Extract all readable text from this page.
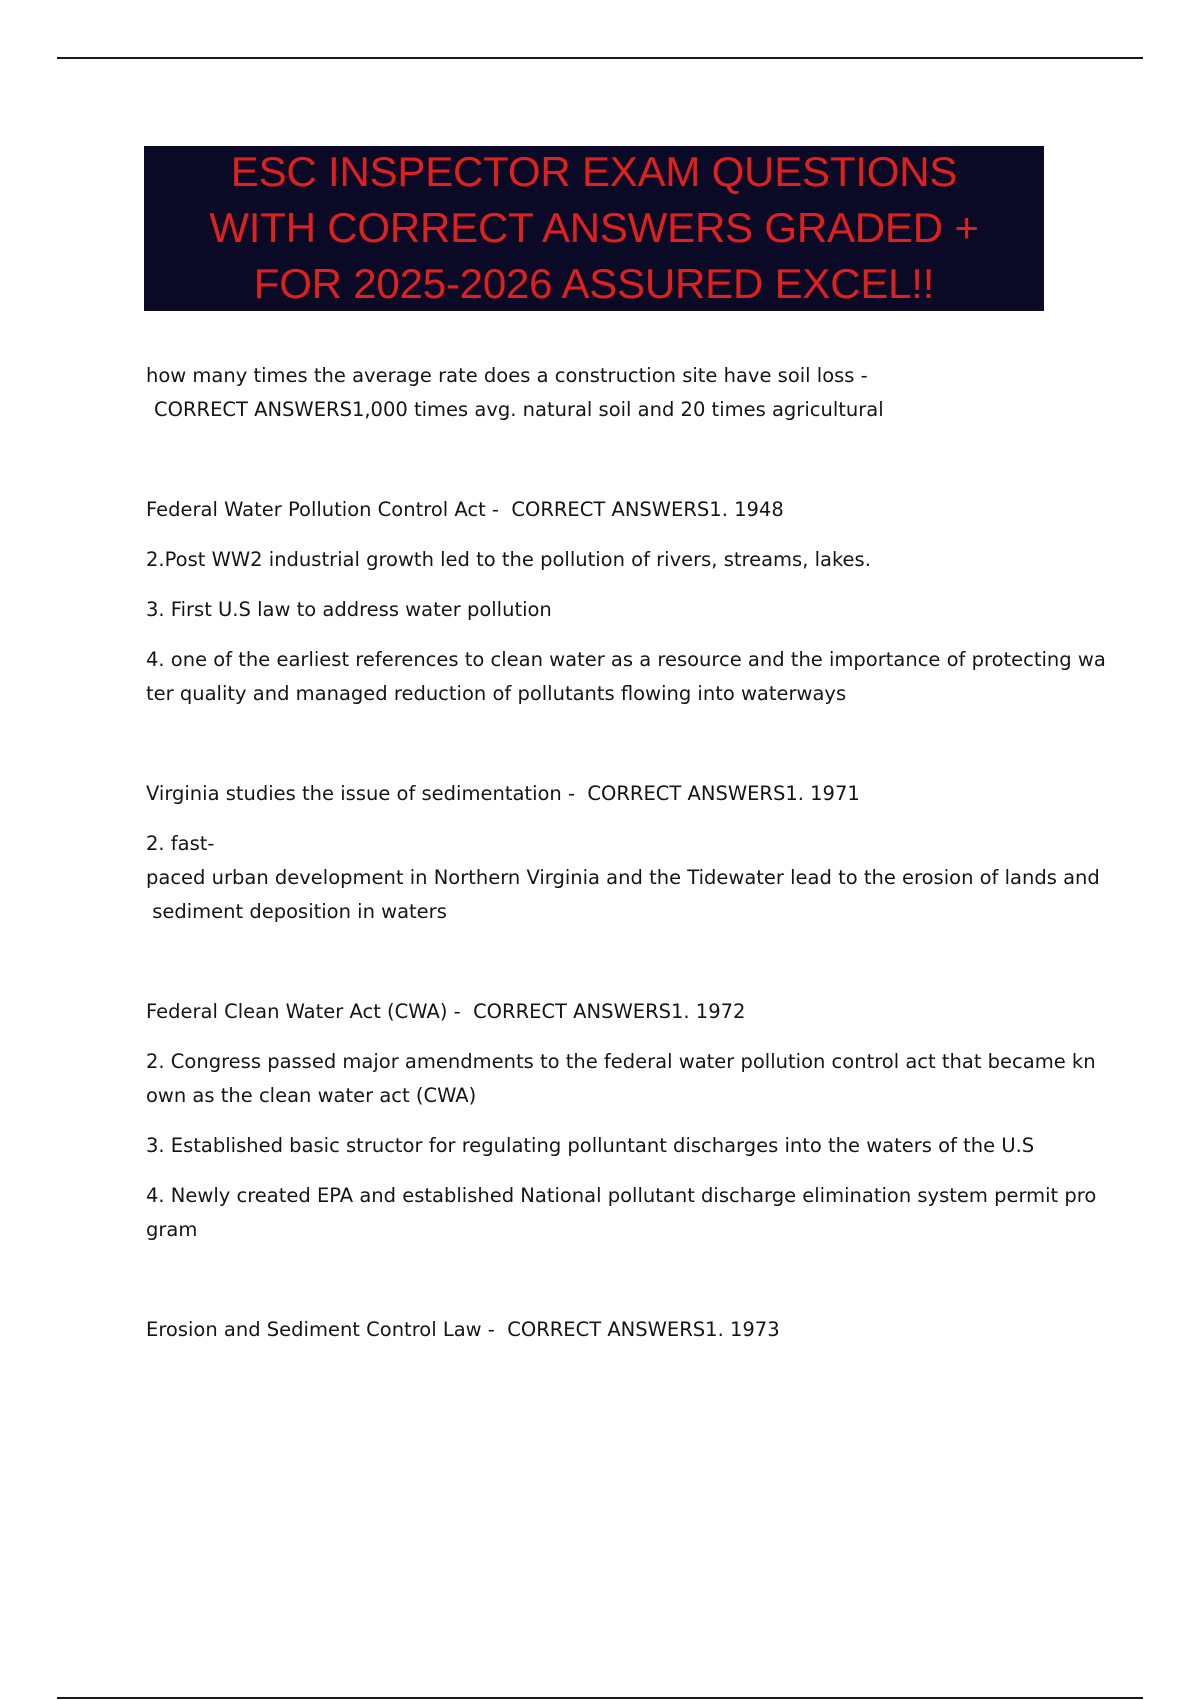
ESC INSPECTOR EXAM QUESTIONS
WITH CORRECT ANSWERS GRADED +
FOR 2025-2026 ASSURED EXCEL!!

how many times the average rate does a construction site have soil loss -

CORRECT ANSWERS1,000 times avg. natural soil and 20 times agricultural

Federal Water Pollution Control Act -  CORRECT ANSWERS1. 1948

2.Post WW2 industrial growth led to the pollution of rivers, streams, lakes.

3. First U.S law to address water pollution

4. one of the earliest references to clean water as a resource and the importance of protecting wa
ter quality and managed reduction of pollutants flowing into waterways

Virginia studies the issue of sedimentation -  CORRECT ANSWERS1. 1971

2. fast-
paced urban development in Northern Virginia and the Tidewater lead to the erosion of lands and
sediment deposition in waters

Federal Clean Water Act (CWA) -  CORRECT ANSWERS1. 1972

2. Congress passed major amendments to the federal water pollution control act that became kn
own as the clean water act (CWA)

3. Established basic structor for regulating polluntant discharges into the waters of the U.S

4. Newly created EPA and established National pollutant discharge elimination system permit pro
gram

Erosion and Sediment Control Law -  CORRECT ANSWERS1. 1973
